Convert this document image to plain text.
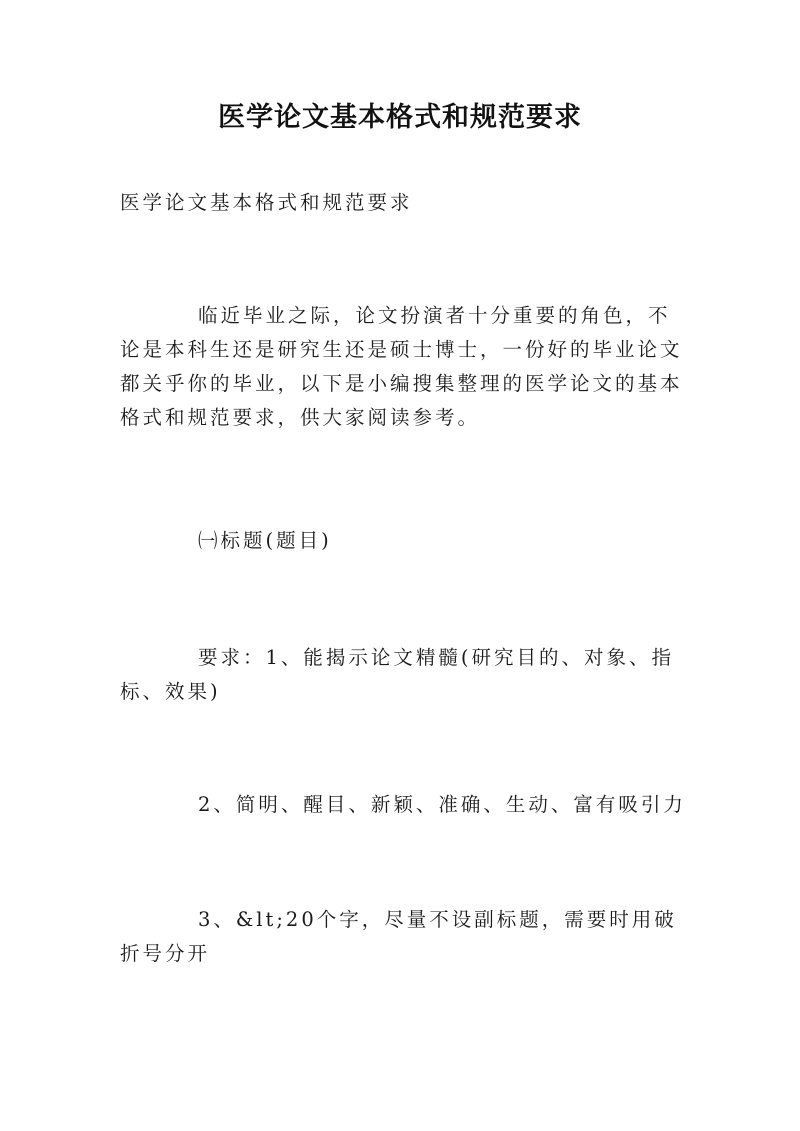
医学论文基本格式和规范要求
医学论文基本格式和规范要求
临近毕业之际，论文扮演者十分重要的角色，不论是本科生还是研究生还是硕士博士，一份好的毕业论文都关乎你的毕业，以下是小编搜集整理的医学论文的基本格式和规范要求，供大家阅读参考。
㈠标题(题目)
要求：1、能揭示论文精髓(研究目的、对象、指标、效果)
2、简明、醒目、新颖、准确、生动、富有吸引力
3、&lt;20个字，尽量不设副标题，需要时用破折号分开
